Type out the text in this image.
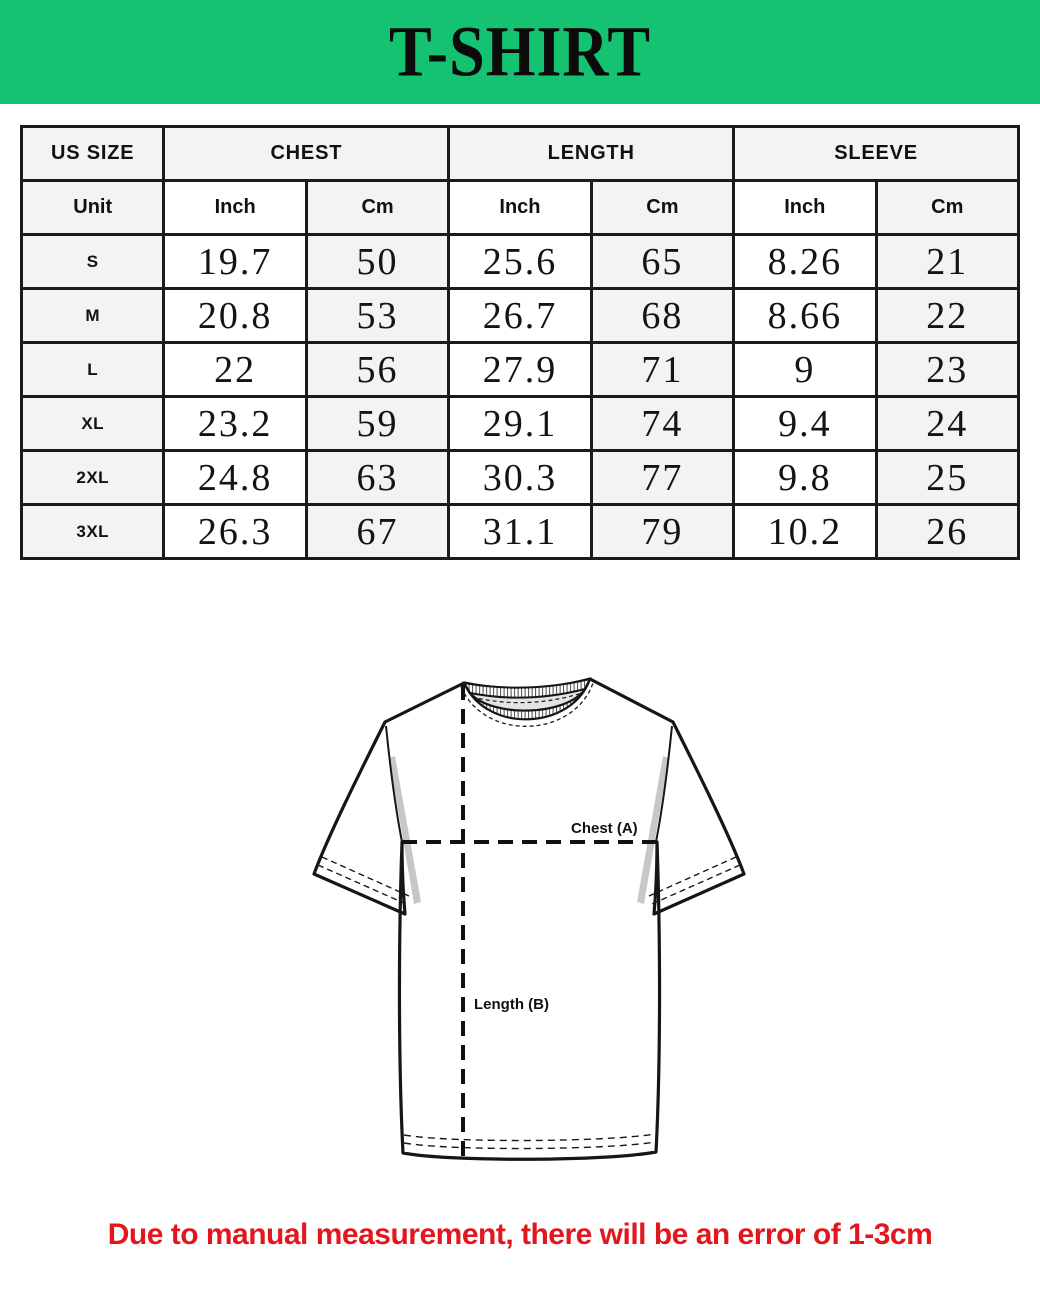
T-SHIRT
US SIZE	CHEST		LENGTH		SLEEVE	
Unit	Inch	Cm	Inch	Cm	Inch	Cm
S	19.7	50	25.6	65	8.26	21
M	20.8	53	26.7	68	8.66	22
L	22	56	27.9	71	9	23
XL	23.2	59	29.1	74	9.4	24
2XL	24.8	63	30.3	77	9.8	25
3XL	26.3	67	31.1	79	10.2	26
Chest (A)
Length (B)
Due to manual measurement, there will be an error of 1-3cm
